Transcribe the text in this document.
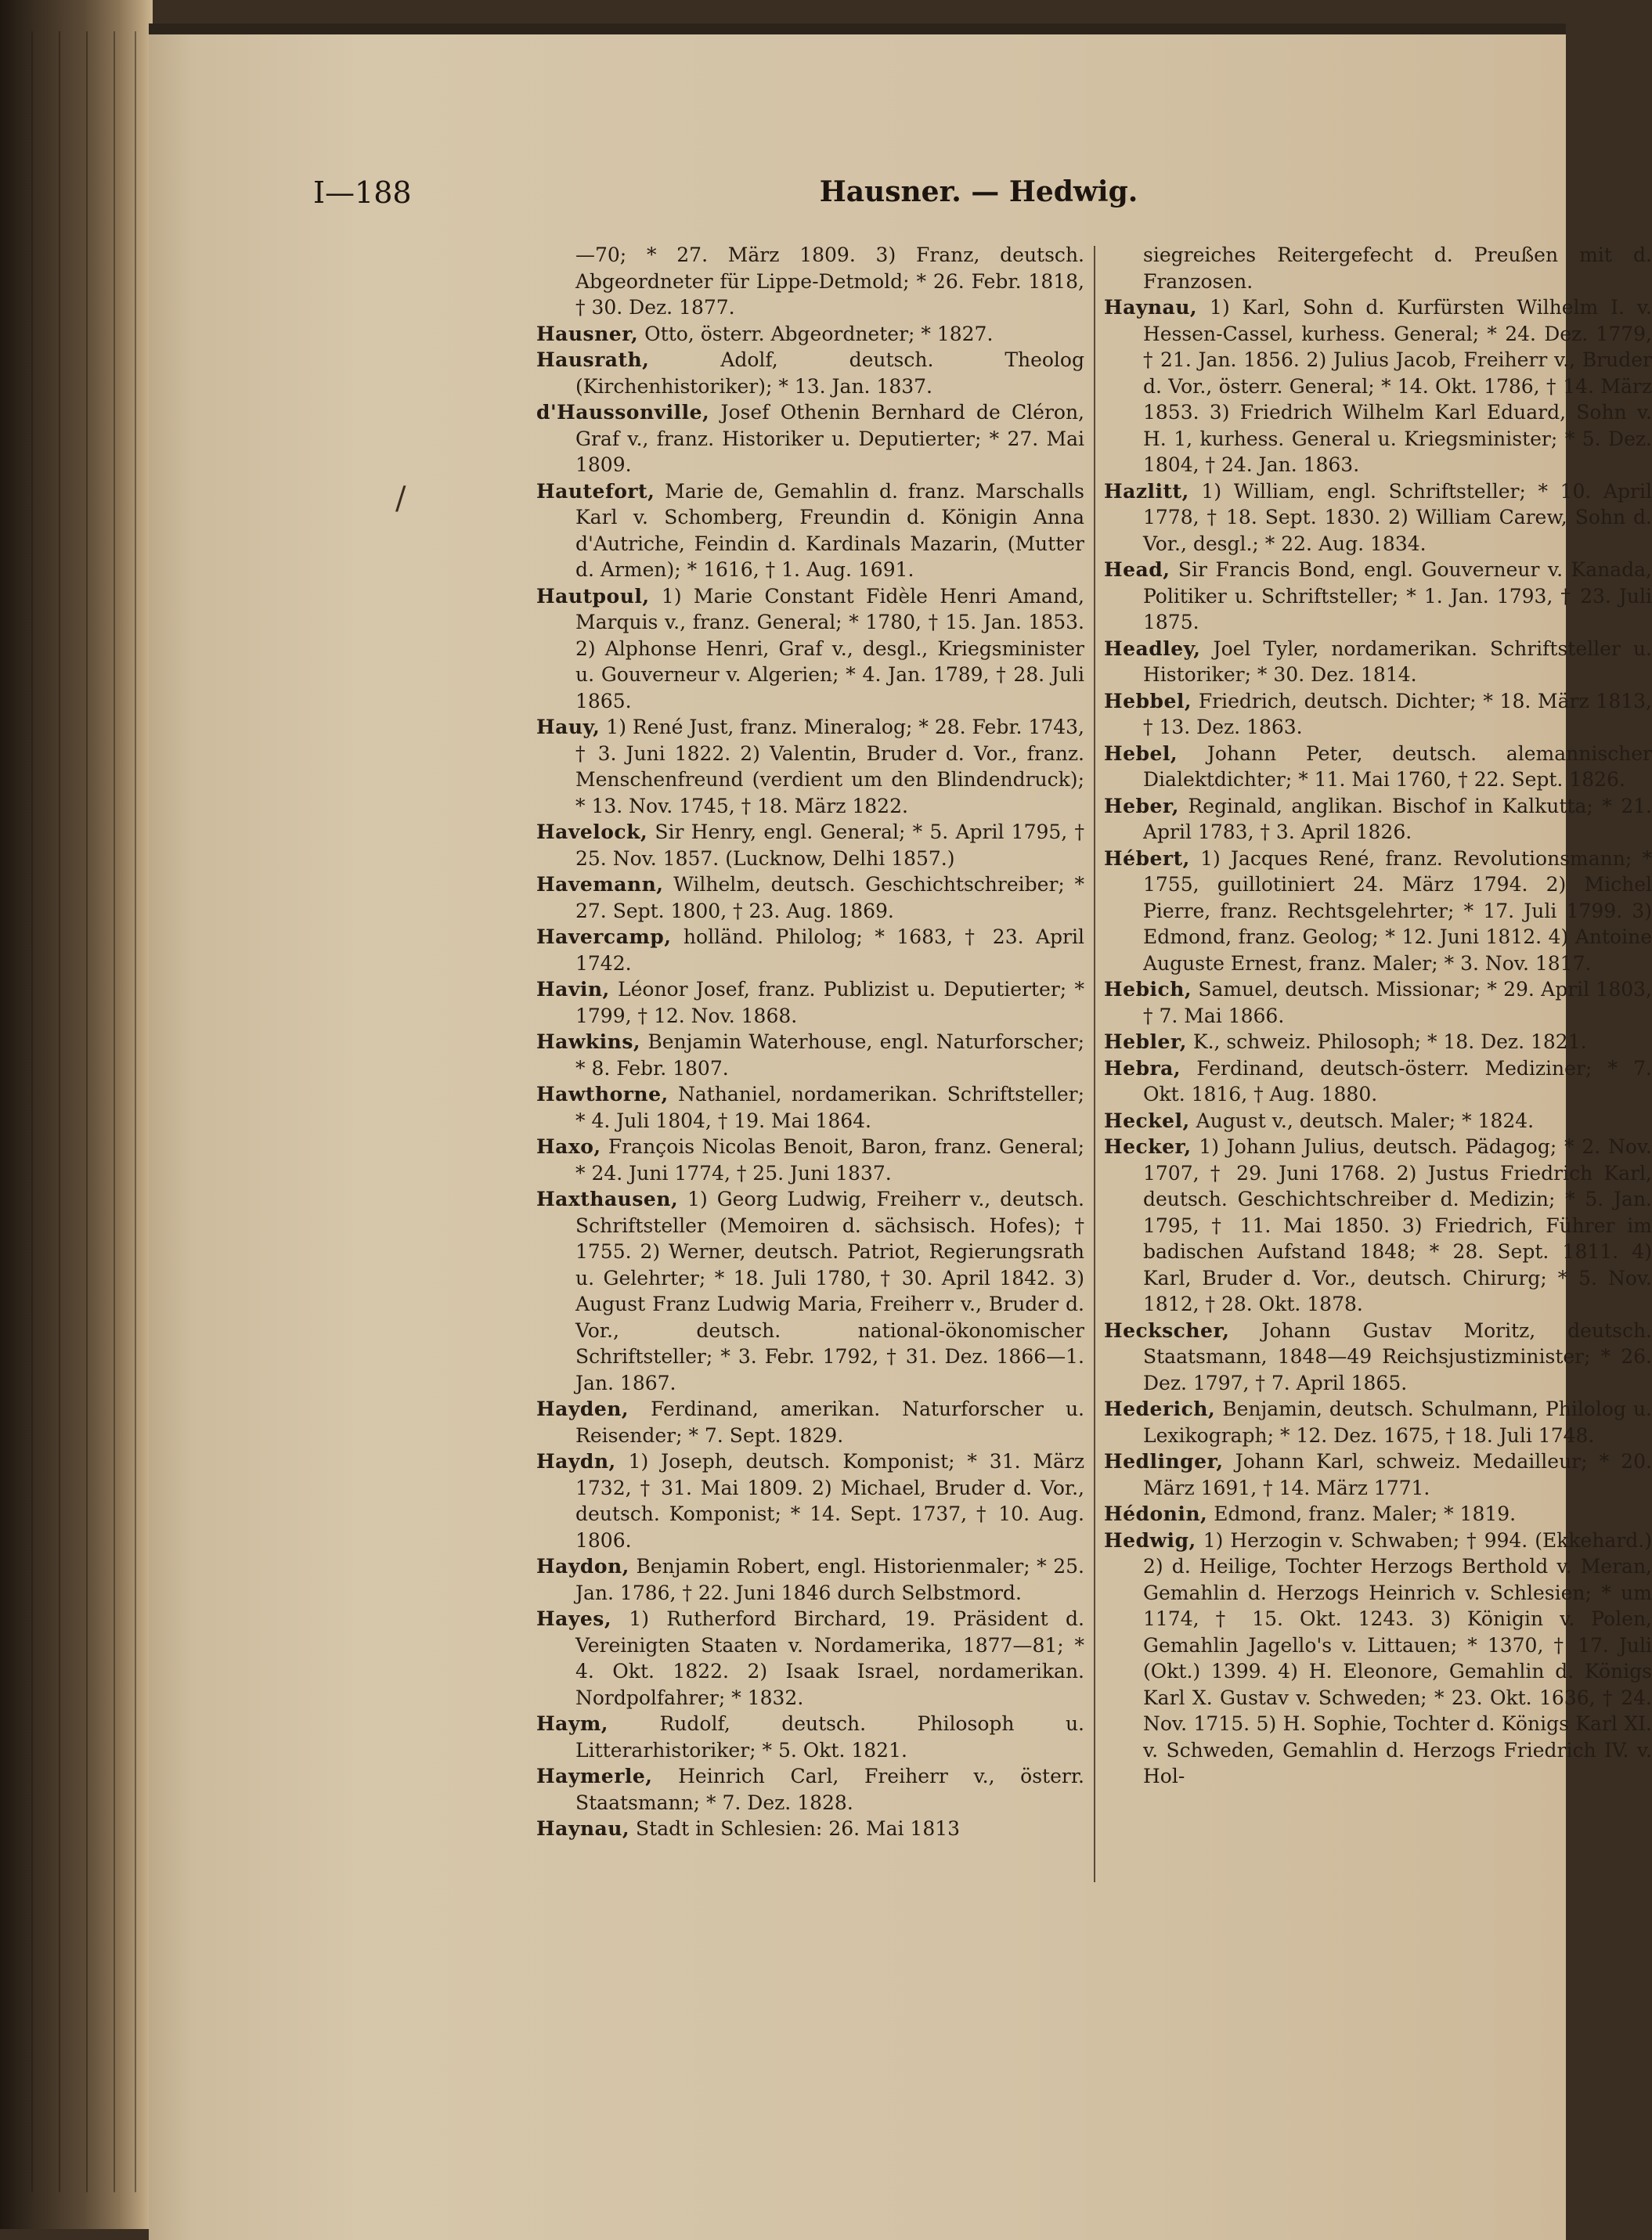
I—188	Hausner. — Hedwig.

—70; * 27. März 1809. 3) Franz, deutsch. Abgeordneter für Lippe-Detmold; * 26. Febr. 1818, † 30. Dez. 1877.

Hausner, Otto, österr. Abgeordneter; * 1827.

Hausrath, Adolf, deutsch. Theolog (Kirchenhistoriker); * 13. Jan. 1837.

d'Haussonville, Josef Othenin Bernhard de Cléron, Graf v., franz. Historiker u. Deputierter; * 27. Mai 1809.

Hautefort, Marie de, Gemahlin d. franz. Marschalls Karl v. Schomberg, Freundin d. Königin Anna d'Autriche, Feindin d. Kardinals Mazarin, (Mutter d. Armen); * 1616, † 1. Aug. 1691.

Hautpoul, 1) Marie Constant Fidèle Henri Amand, Marquis v., franz. General; * 1780, † 15. Jan. 1853. 2) Alphonse Henri, Graf v., desgl., Kriegsminister u. Gouverneur v. Algerien; * 4. Jan. 1789, † 28. Juli 1865.

Hauy, 1) René Just, franz. Mineralog; * 28. Febr. 1743, † 3. Juni 1822. 2) Valentin, Bruder d. Vor., franz. Menschenfreund (verdient um den Blindendruck); * 13. Nov. 1745, † 18. März 1822.

Havelock, Sir Henry, engl. General; * 5. April 1795, † 25. Nov. 1857. (Lucknow, Delhi 1857.)

Havemann, Wilhelm, deutsch. Geschichtschreiber; * 27. Sept. 1800, † 23. Aug. 1869.

Havercamp, holländ. Philolog; * 1683, † 23. April 1742.

Havin, Léonor Josef, franz. Publizist u. Deputierter; * 1799, † 12. Nov. 1868.

Hawkins, Benjamin Waterhouse, engl. Naturforscher; * 8. Febr. 1807.

Hawthorne, Nathaniel, nordamerikan. Schriftsteller; * 4. Juli 1804, † 19. Mai 1864.

Haxo, François Nicolas Benoit, Baron, franz. General; * 24. Juni 1774, † 25. Juni 1837.

Haxthausen, 1) Georg Ludwig, Freiherr v., deutsch. Schriftsteller (Memoiren d. sächsisch. Hofes); † 1755. 2) Werner, deutsch. Patriot, Regierungsrath u. Gelehrter; * 18. Juli 1780, † 30. April 1842. 3) August Franz Ludwig Maria, Freiherr v., Bruder d. Vor., deutsch. national-ökonomischer Schriftsteller; * 3. Febr. 1792, † 31. Dez. 1866—1. Jan. 1867.

Hayden, Ferdinand, amerikan. Naturforscher u. Reisender; * 7. Sept. 1829.

Haydn, 1) Joseph, deutsch. Komponist; * 31. März 1732, † 31. Mai 1809. 2) Michael, Bruder d. Vor., deutsch. Komponist; * 14. Sept. 1737, † 10. Aug. 1806.

Haydon, Benjamin Robert, engl. Historienmaler; * 25. Jan. 1786, † 22. Juni 1846 durch Selbstmord.

Hayes, 1) Rutherford Birchard, 19. Präsident d. Vereinigten Staaten v. Nordamerika, 1877—81; * 4. Okt. 1822. 2) Isaak Israel, nordamerikan. Nordpolfahrer; * 1832.

Haym, Rudolf, deutsch. Philosoph u. Litterarhistoriker; * 5. Okt. 1821.

Haymerle, Heinrich Carl, Freiherr v., österr. Staatsmann; * 7. Dez. 1828.

Haynau, Stadt in Schlesien: 26. Mai 1813

siegreiches Reitergefecht d. Preußen mit d. Franzosen.

Haynau, 1) Karl, Sohn d. Kurfürsten Wilhelm I. v. Hessen-Cassel, kurhess. General; * 24. Dez. 1779, † 21. Jan. 1856. 2) Julius Jacob, Freiherr v., Bruder d. Vor., österr. General; * 14. Okt. 1786, † 14. März 1853. 3) Friedrich Wilhelm Karl Eduard, Sohn v. H. 1, kurhess. General u. Kriegsminister; * 5. Dez. 1804, † 24. Jan. 1863.

Hazlitt, 1) William, engl. Schriftsteller; * 10. April 1778, † 18. Sept. 1830. 2) William Carew, Sohn d. Vor., desgl.; * 22. Aug. 1834.

Head, Sir Francis Bond, engl. Gouverneur v. Kanada, Politiker u. Schriftsteller; * 1. Jan. 1793, † 23. Juli 1875.

Headley, Joel Tyler, nordamerikan. Schriftsteller u. Historiker; * 30. Dez. 1814.

Hebbel, Friedrich, deutsch. Dichter; * 18. März 1813, † 13. Dez. 1863.

Hebel, Johann Peter, deutsch. alemannischer Dialektdichter; * 11. Mai 1760, † 22. Sept. 1826.

Heber, Reginald, anglikan. Bischof in Kalkutta; * 21. April 1783, † 3. April 1826.

Hébert, 1) Jacques René, franz. Revolutionsmann; * 1755, guillotiniert 24. März 1794. 2) Michel Pierre, franz. Rechtsgelehrter; * 17. Juli 1799. 3) Edmond, franz. Geolog; * 12. Juni 1812. 4) Antoine Auguste Ernest, franz. Maler; * 3. Nov. 1817.

Hebich, Samuel, deutsch. Missionar; * 29. April 1803, † 7. Mai 1866.

Hebler, K., schweiz. Philosoph; * 18. Dez. 1821.

Hebra, Ferdinand, deutsch-österr. Mediziner; * 7. Okt. 1816, † Aug. 1880.

Heckel, August v., deutsch. Maler; * 1824.

Hecker, 1) Johann Julius, deutsch. Pädagog; * 2. Nov. 1707, † 29. Juni 1768. 2) Justus Friedrich Karl, deutsch. Geschichtschreiber d. Medizin; * 5. Jan. 1795, † 11. Mai 1850. 3) Friedrich, Führer im badischen Aufstand 1848; * 28. Sept. 1811. 4) Karl, Bruder d. Vor., deutsch. Chirurg; * 5. Nov. 1812, † 28. Okt. 1878.

Heckscher, Johann Gustav Moritz, deutsch. Staatsmann, 1848—49 Reichsjustizminister; * 26. Dez. 1797, † 7. April 1865.

Hederich, Benjamin, deutsch. Schulmann, Philolog u. Lexikograph; * 12. Dez. 1675, † 18. Juli 1748.

Hedlinger, Johann Karl, schweiz. Medailleur; * 20. März 1691, † 14. März 1771.

Hédonin, Edmond, franz. Maler; * 1819.

Hedwig, 1) Herzogin v. Schwaben; † 994. (Ekkehard.) 2) d. Heilige, Tochter Herzogs Berthold v. Meran, Gemahlin d. Herzogs Heinrich v. Schlesien; * um 1174, † 15. Okt. 1243. 3) Königin v. Polen, Gemahlin Jagello's v. Littauen; * 1370, † 17. Juli (Okt.) 1399. 4) H. Eleonore, Gemahlin d. Königs Karl X. Gustav v. Schweden; * 23. Okt. 1636, † 24. Nov. 1715. 5) H. Sophie, Tochter d. Königs Karl XI. v. Schweden, Gemahlin d. Herzogs Friedrich IV. v. Hol-

/
